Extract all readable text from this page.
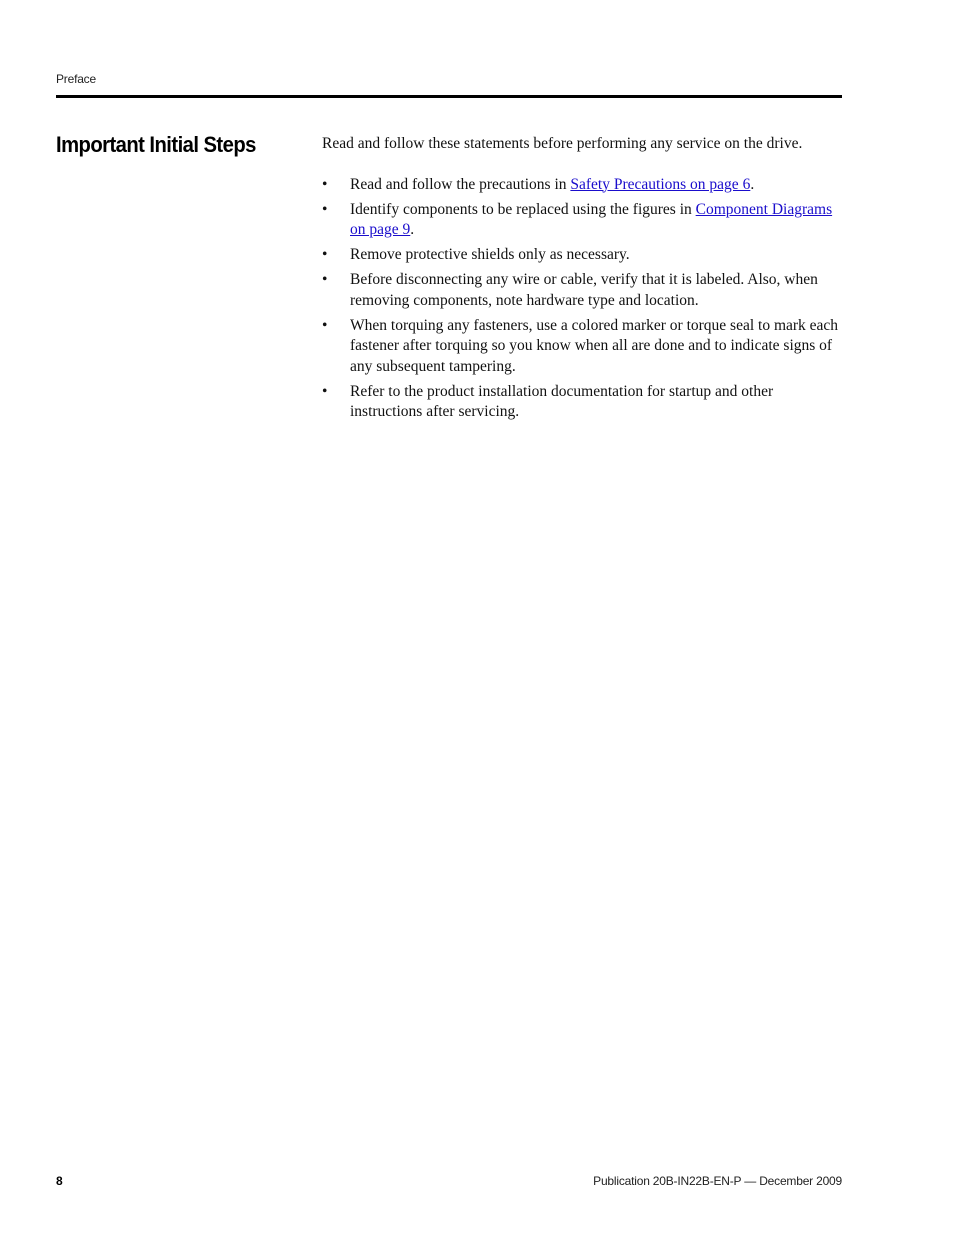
Preface
Important Initial Steps	Read and follow these statements before performing any service on the drive.

• Read and follow the precautions in Safety Precautions on page 6.
• Identify components to be replaced using the figures in Component Diagrams on page 9.
• Remove protective shields only as necessary.
• Before disconnecting any wire or cable, verify that it is labeled. Also, when removing components, note hardware type and location.
• When torquing any fasteners, use a colored marker or torque seal to mark each fastener after torquing so you know when all are done and to indicate signs of any subsequent tampering.
• Refer to the product installation documentation for startup and other instructions after servicing.
8	Publication 20B-IN22B-EN-P — December 2009
